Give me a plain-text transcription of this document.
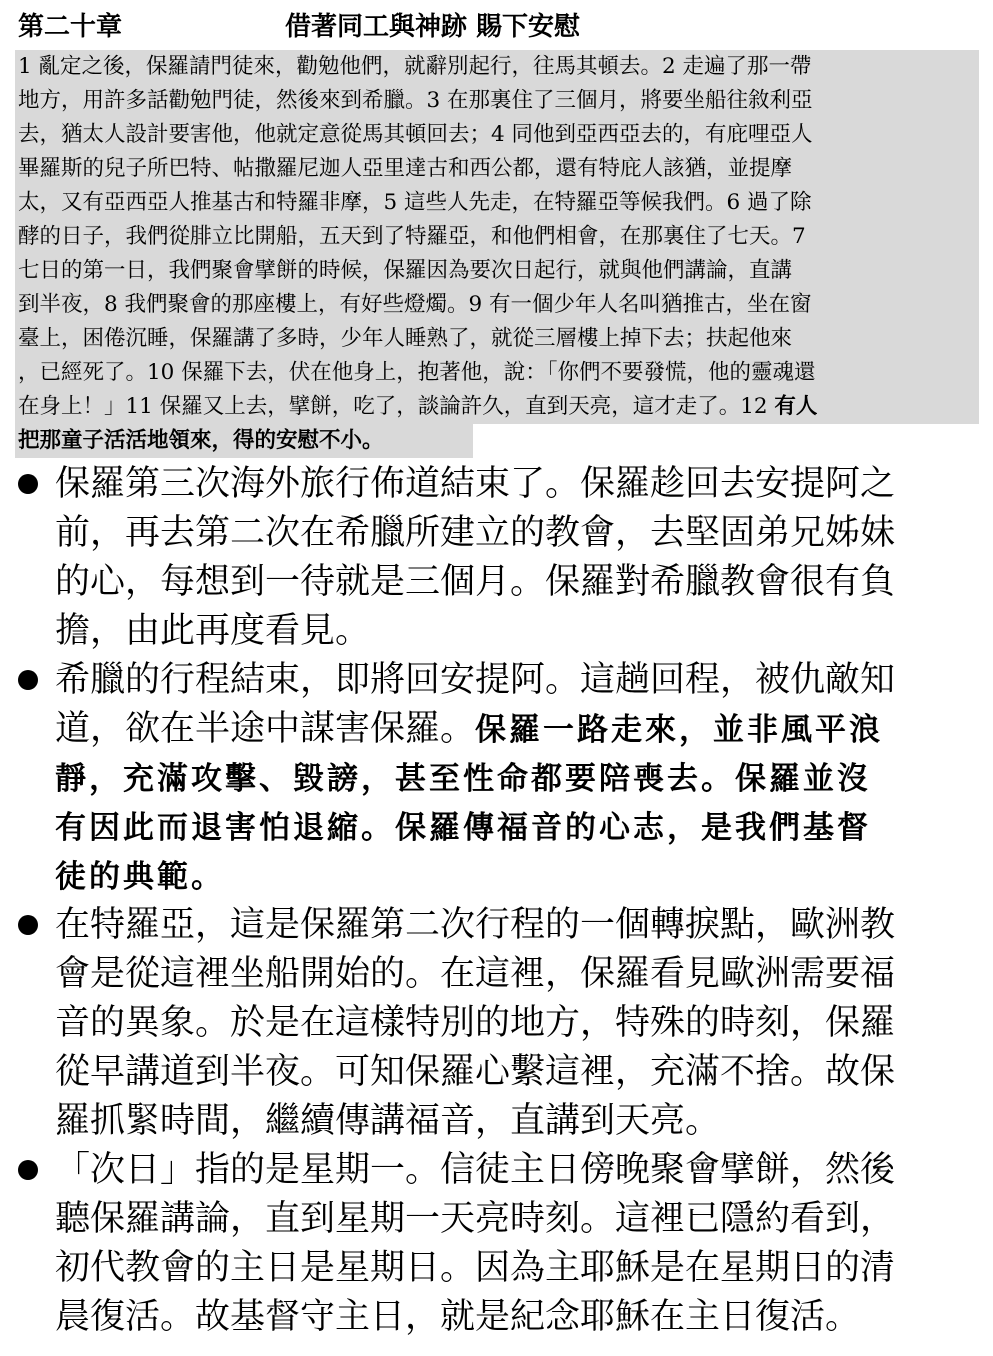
第二十章	借著同工與神跡 賜下安慰
1 亂定之後，保羅請門徒來，勸勉他們，就辭別起行，往馬其頓去。2 走遍了那一帶
地方，用許多話勸勉門徒，然後來到希臘。3 在那裏住了三個月，將要坐船往敘利亞
去，猶太人設計要害他，他就定意從馬其頓回去；4 同他到亞西亞去的，有庇哩亞人
畢羅斯的兒子所巴特、帖撒羅尼迦人亞里達古和西公都，還有特庇人該猶，並提摩
太，又有亞西亞人推基古和特羅非摩，5 這些人先走，在特羅亞等候我們。6 過了除
酵的日子，我們從腓立比開船，五天到了特羅亞，和他們相會，在那裏住了七天。7
七日的第一日，我們聚會擘餅的時候，保羅因為要次日起行，就與他們講論，直講
到半夜，8 我們聚會的那座樓上，有好些燈燭。9 有一個少年人名叫猶推古，坐在窗
臺上，困倦沉睡，保羅講了多時，少年人睡熟了，就從三層樓上掉下去；扶起他來
，已經死了。10 保羅下去，伏在他身上，抱著他，說：「你們不要發慌，他的靈魂還
在身上！」11 保羅又上去，擘餅，吃了，談論許久，直到天亮，這才走了。12 有人
把那童子活活地領來，得的安慰不小。
保羅第三次海外旅行佈道結束了。保羅趁回去安提阿之
前，再去第二次在希臘所建立的教會，去堅固弟兄姊妹
的心，每想到一待就是三個月。保羅對希臘教會很有負
擔，由此再度看見。
希臘的行程結束，即將回安提阿。這趟回程，被仇敵知
道，欲在半途中謀害保羅。保羅一路走來，並非風平浪
靜，充滿攻擊、毀謗，甚至性命都要陪喪去。保羅並沒
有因此而退害怕退縮。保羅傳福音的心志，是我們基督
徒的典範。
在特羅亞，這是保羅第二次行程的一個轉捩點，歐洲教
會是從這裡坐船開始的。在這裡，保羅看見歐洲需要福
音的異象。於是在這樣特別的地方，特殊的時刻，保羅
從早講道到半夜。可知保羅心繫這裡，充滿不捨。故保
羅抓緊時間，繼續傳講福音，直講到天亮。
「次日」指的是星期一。信徒主日傍晚聚會擘餅，然後
聽保羅講論，直到星期一天亮時刻。這裡已隱約看到，
初代教會的主日是星期日。因為主耶穌是在星期日的清
晨復活。故基督守主日，就是紀念耶穌在主日復活。
